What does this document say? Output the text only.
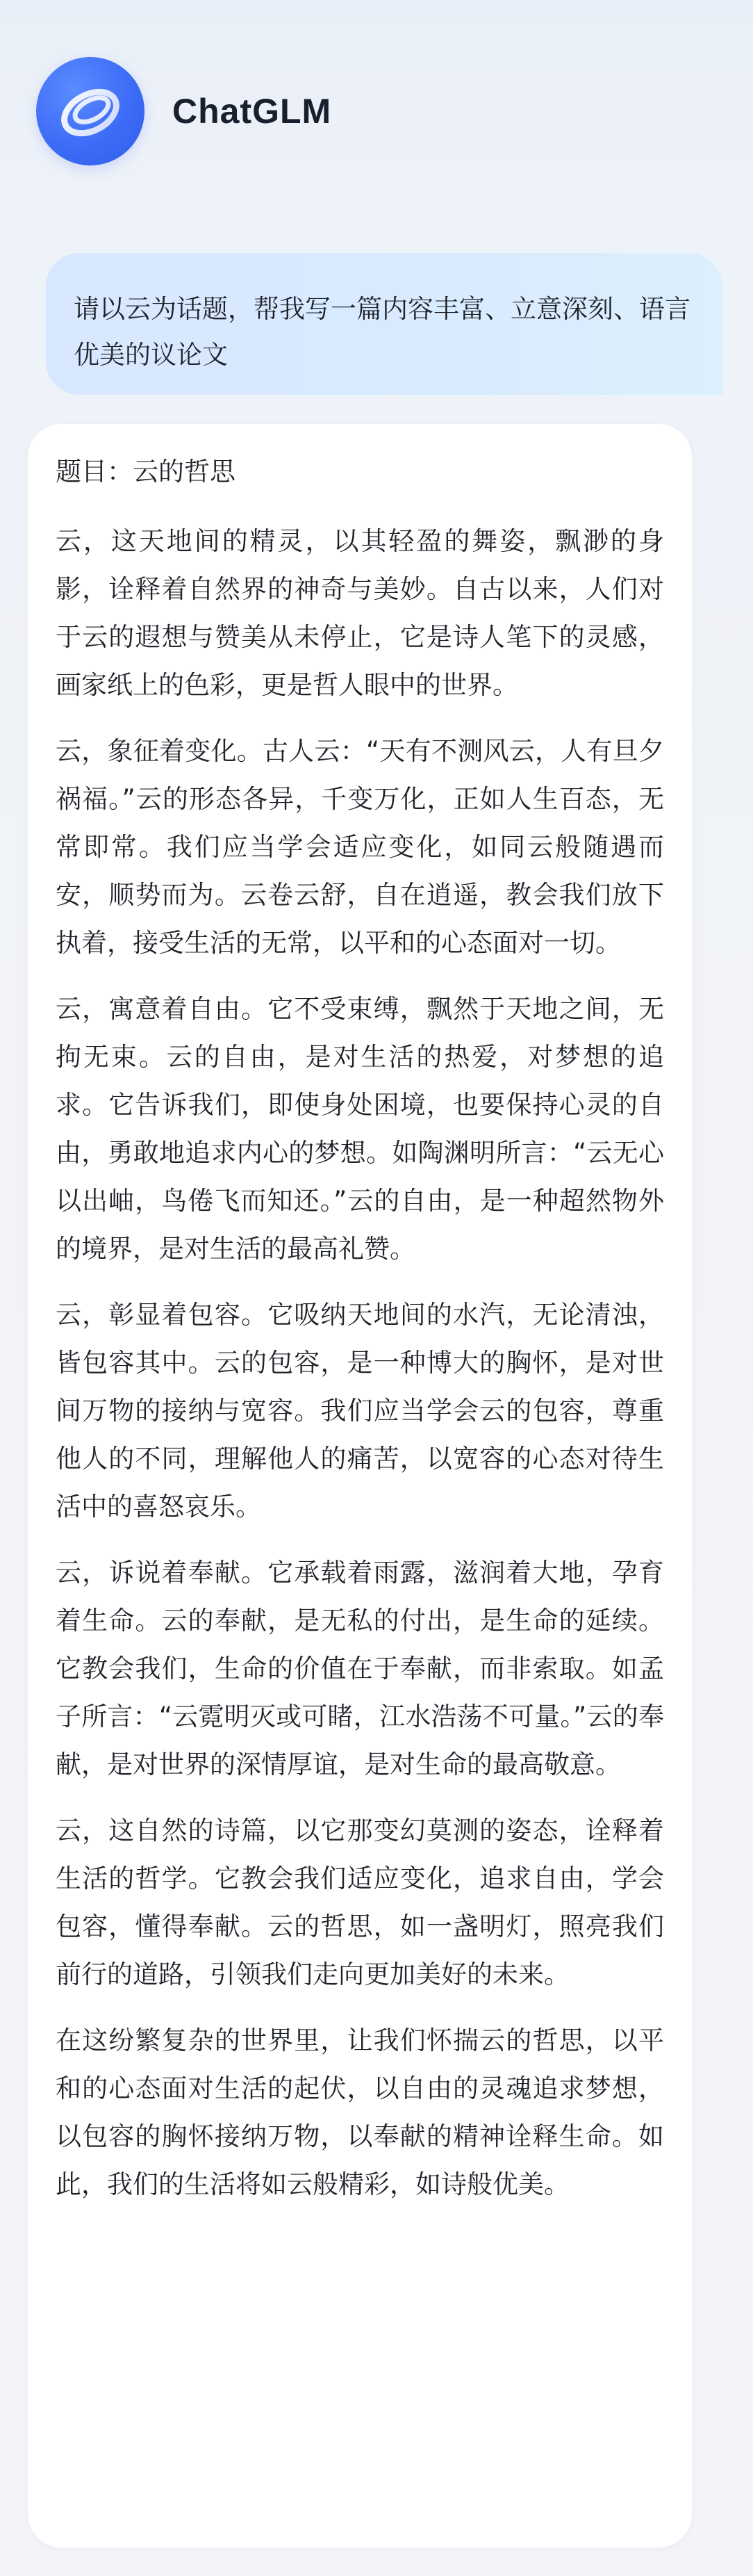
ChatGLM
请以云为话题，帮我写一篇内容丰富、立意深刻、语言优美的议论文
题目：云的哲思
云，这天地间的精灵，以其轻盈的舞姿，飘渺的身影，诠释着自然界的神奇与美妙。自古以来，人们对于云的遐想与赞美从未停止，它是诗人笔下的灵感，画家纸上的色彩，更是哲人眼中的世界。
云，象征着变化。古人云：“天有不测风云，人有旦夕祸福。”云的形态各异，千变万化，正如人生百态，无常即常。我们应当学会适应变化，如同云般随遇而安，顺势而为。云卷云舒，自在逍遥，教会我们放下执着，接受生活的无常，以平和的心态面对一切。
云，寓意着自由。它不受束缚，飘然于天地之间，无拘无束。云的自由，是对生活的热爱，对梦想的追求。它告诉我们，即使身处困境，也要保持心灵的自由，勇敢地追求内心的梦想。如陶渊明所言：“云无心以出岫，鸟倦飞而知还。”云的自由，是一种超然物外的境界，是对生活的最高礼赞。
云，彰显着包容。它吸纳天地间的水汽，无论清浊，皆包容其中。云的包容，是一种博大的胸怀，是对世间万物的接纳与宽容。我们应当学会云的包容，尊重他人的不同，理解他人的痛苦，以宽容的心态对待生活中的喜怒哀乐。
云，诉说着奉献。它承载着雨露，滋润着大地，孕育着生命。云的奉献，是无私的付出，是生命的延续。它教会我们，生命的价值在于奉献，而非索取。如孟子所言：“云霓明灭或可睹，江水浩荡不可量。”云的奉献，是对世界的深情厚谊，是对生命的最高敬意。
云，这自然的诗篇，以它那变幻莫测的姿态，诠释着生活的哲学。它教会我们适应变化，追求自由，学会包容，懂得奉献。云的哲思，如一盏明灯，照亮我们前行的道路，引领我们走向更加美好的未来。
在这纷繁复杂的世界里，让我们怀揣云的哲思，以平和的心态面对生活的起伏，以自由的灵魂追求梦想，以包容的胸怀接纳万物，以奉献的精神诠释生命。如此，我们的生活将如云般精彩，如诗般优美。
